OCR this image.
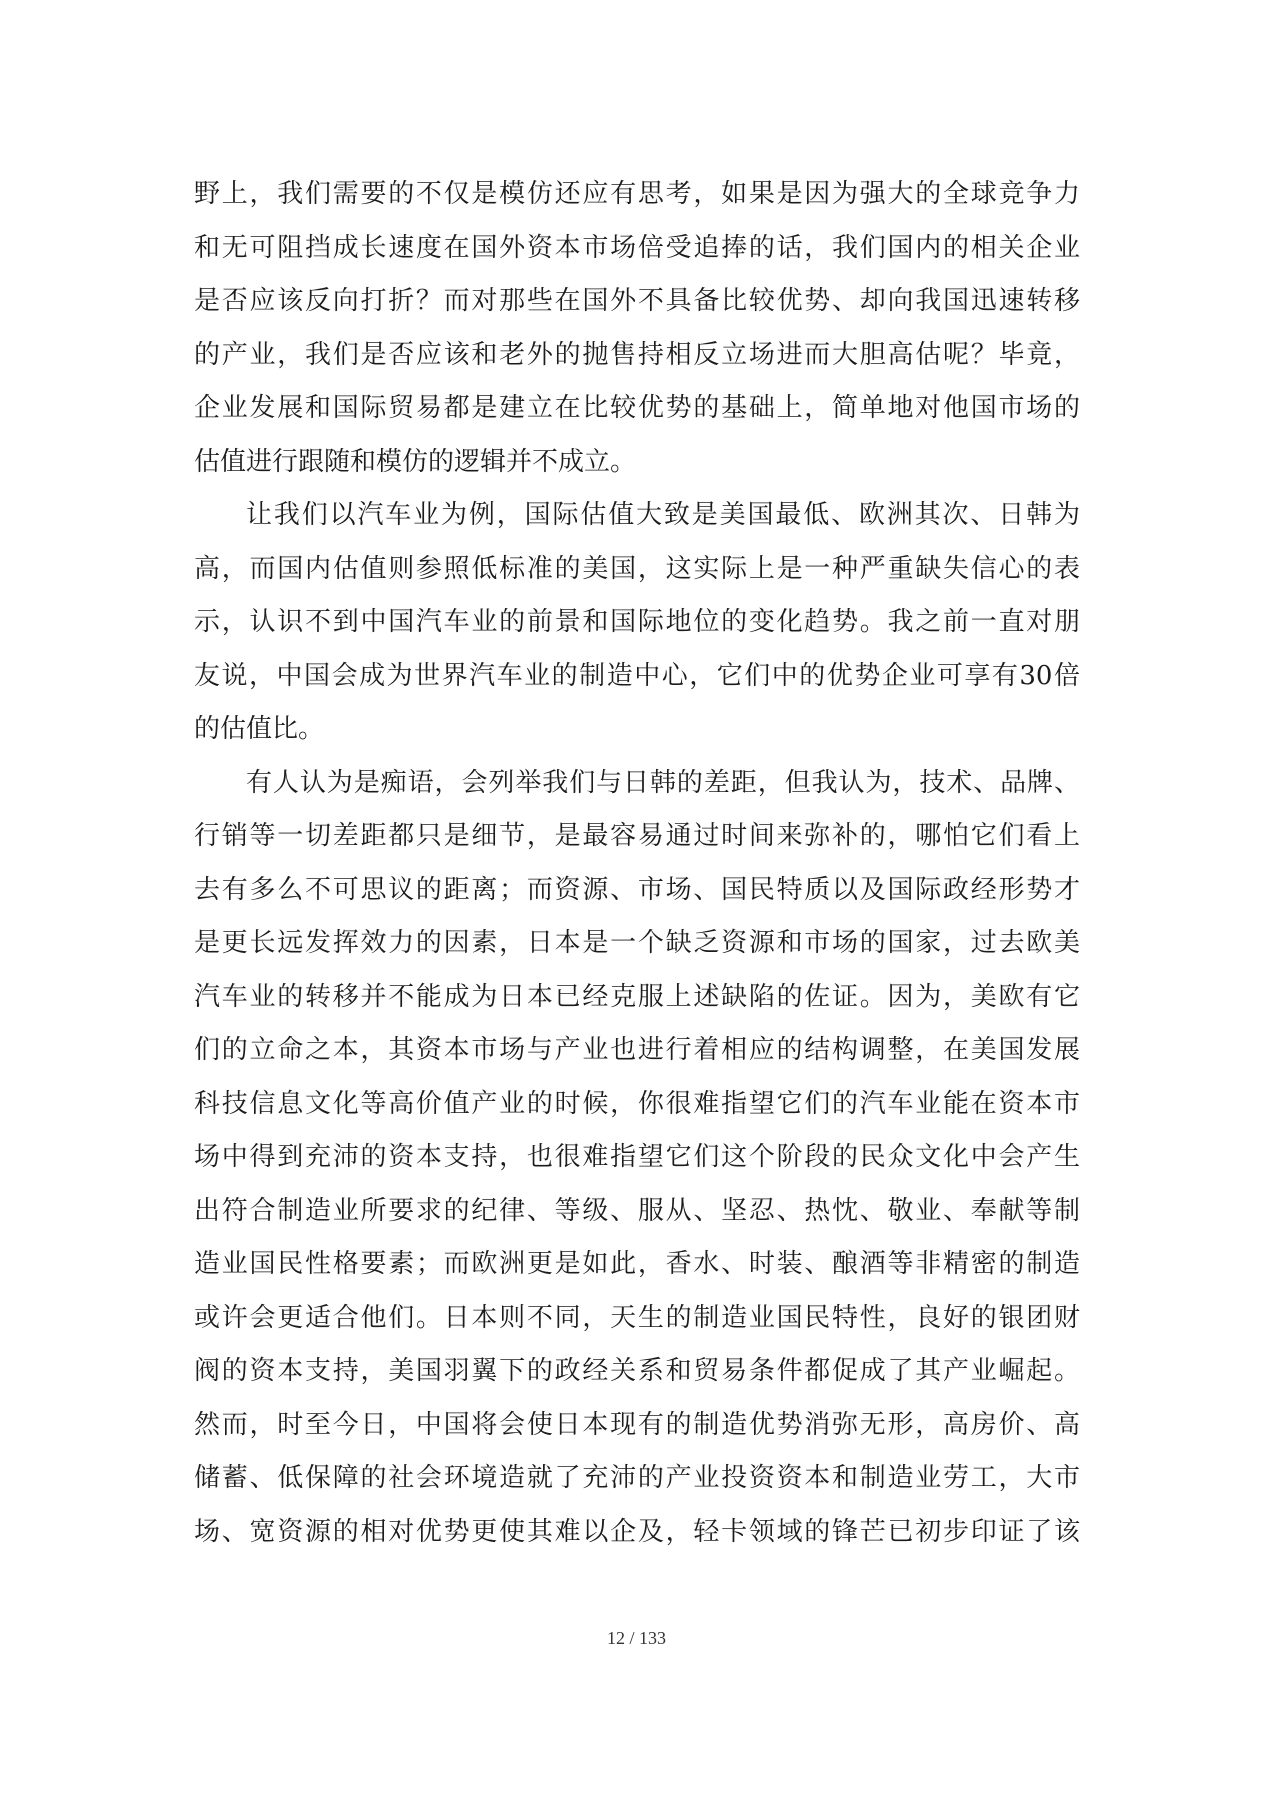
野上，我们需要的不仅是模仿还应有思考，如果是因为强大的全球竞争力
和无可阻挡成长速度在国外资本市场倍受追捧的话，我们国内的相关企业
是否应该反向打折？而对那些在国外不具备比较优势、却向我国迅速转移
的产业，我们是否应该和老外的抛售持相反立场进而大胆高估呢？毕竟，
企业发展和国际贸易都是建立在比较优势的基础上，简单地对他国市场的
估值进行跟随和模仿的逻辑并不成立。
让我们以汽车业为例，国际估值大致是美国最低、欧洲其次、日韩为
高，而国内估值则参照低标准的美国，这实际上是一种严重缺失信心的表
示，认识不到中国汽车业的前景和国际地位的变化趋势。我之前一直对朋
友说，中国会成为世界汽车业的制造中心，它们中的优势企业可享有30倍
的估值比。
有人认为是痴语，会列举我们与日韩的差距，但我认为，技术、品牌、
行销等一切差距都只是细节，是最容易通过时间来弥补的，哪怕它们看上
去有多么不可思议的距离；而资源、市场、国民特质以及国际政经形势才
是更长远发挥效力的因素，日本是一个缺乏资源和市场的国家，过去欧美
汽车业的转移并不能成为日本已经克服上述缺陷的佐证。因为，美欧有它
们的立命之本，其资本市场与产业也进行着相应的结构调整，在美国发展
科技信息文化等高价值产业的时候，你很难指望它们的汽车业能在资本市
场中得到充沛的资本支持，也很难指望它们这个阶段的民众文化中会产生
出符合制造业所要求的纪律、等级、服从、坚忍、热忱、敬业、奉献等制
造业国民性格要素；而欧洲更是如此，香水、时装、酿酒等非精密的制造
或许会更适合他们。日本则不同，天生的制造业国民特性，良好的银团财
阀的资本支持，美国羽翼下的政经关系和贸易条件都促成了其产业崛起。
然而，时至今日，中国将会使日本现有的制造优势消弥无形，高房价、高
储蓄、低保障的社会环境造就了充沛的产业投资资本和制造业劳工，大市
场、宽资源的相对优势更使其难以企及，轻卡领域的锋芒已初步印证了该
12 / 133
